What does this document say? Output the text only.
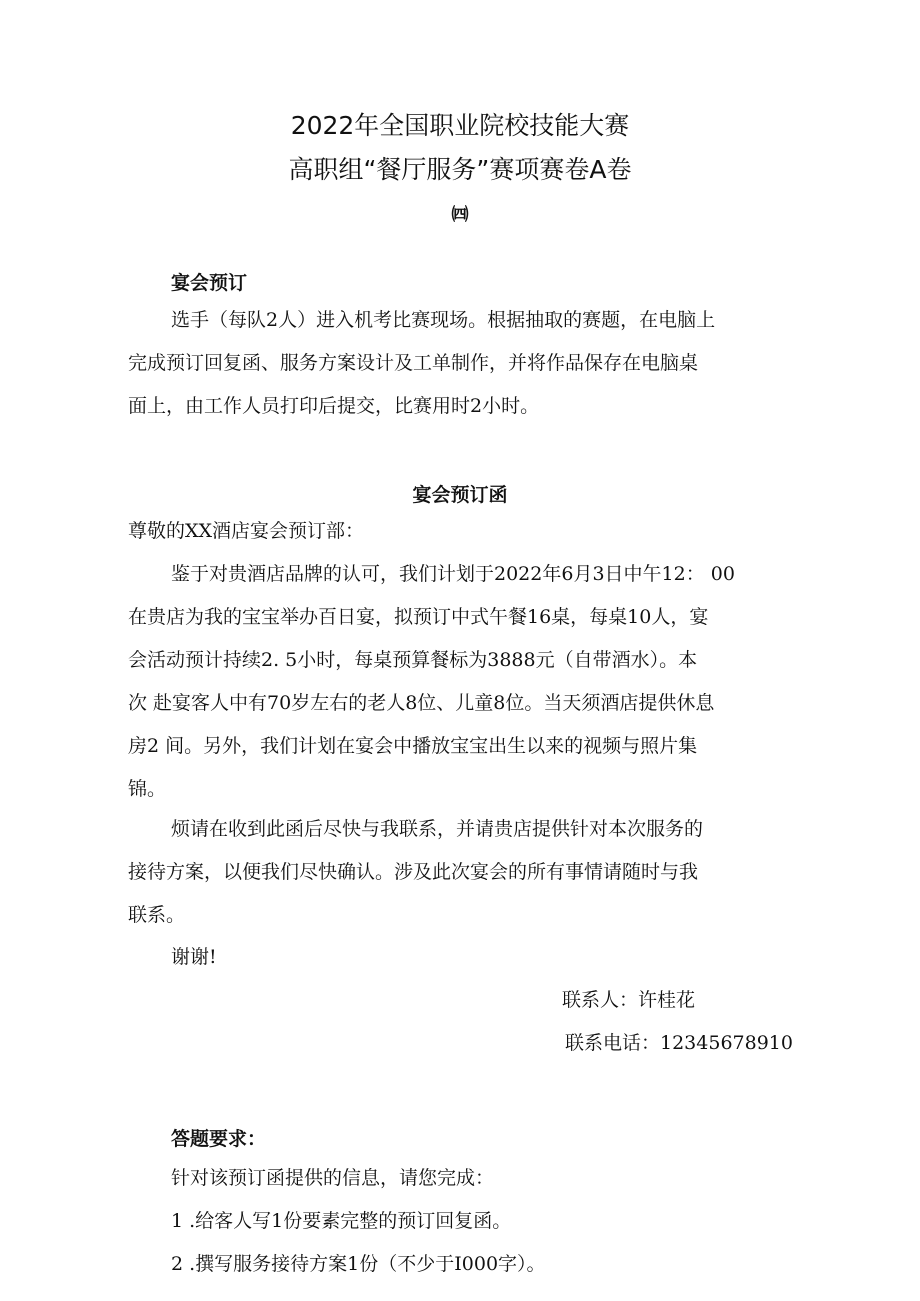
2022年全国职业院校技能大赛
高职组“餐厅服务”赛项赛卷A卷
㈣
宴会预订
选手（每队2人）进入机考比赛现场。根据抽取的赛题，在电脑上
完成预订回复函、服务方案设计及工单制作，并将作品保存在电脑桌
面上，由工作人员打印后提交，比赛用时2小时。
宴会预订函
尊敬的XX酒店宴会预订部：
鉴于对贵酒店品牌的认可，我们计划于2022年6月3日中午12： 00
在贵店为我的宝宝举办百日宴，拟预订中式午餐16桌，每桌10人，宴
会活动预计持续2. 5小时，每桌预算餐标为3888元（自带酒水）。本
次 赴宴客人中有70岁左右的老人8位、儿童8位。当天须酒店提供休息
房2 间。另外，我们计划在宴会中播放宝宝出生以来的视频与照片集
锦。
烦请在收到此函后尽快与我联系，并请贵店提供针对本次服务的
接待方案，以便我们尽快确认。涉及此次宴会的所有事情请随时与我
联系。
谢谢!
联系人：许桂花
联系电话：12345678910
答题要求：
针对该预订函提供的信息，请您完成：
1 .给客人写1份要素完整的预订回复函。
2 .撰写服务接待方案1份（不少于I000字）。
